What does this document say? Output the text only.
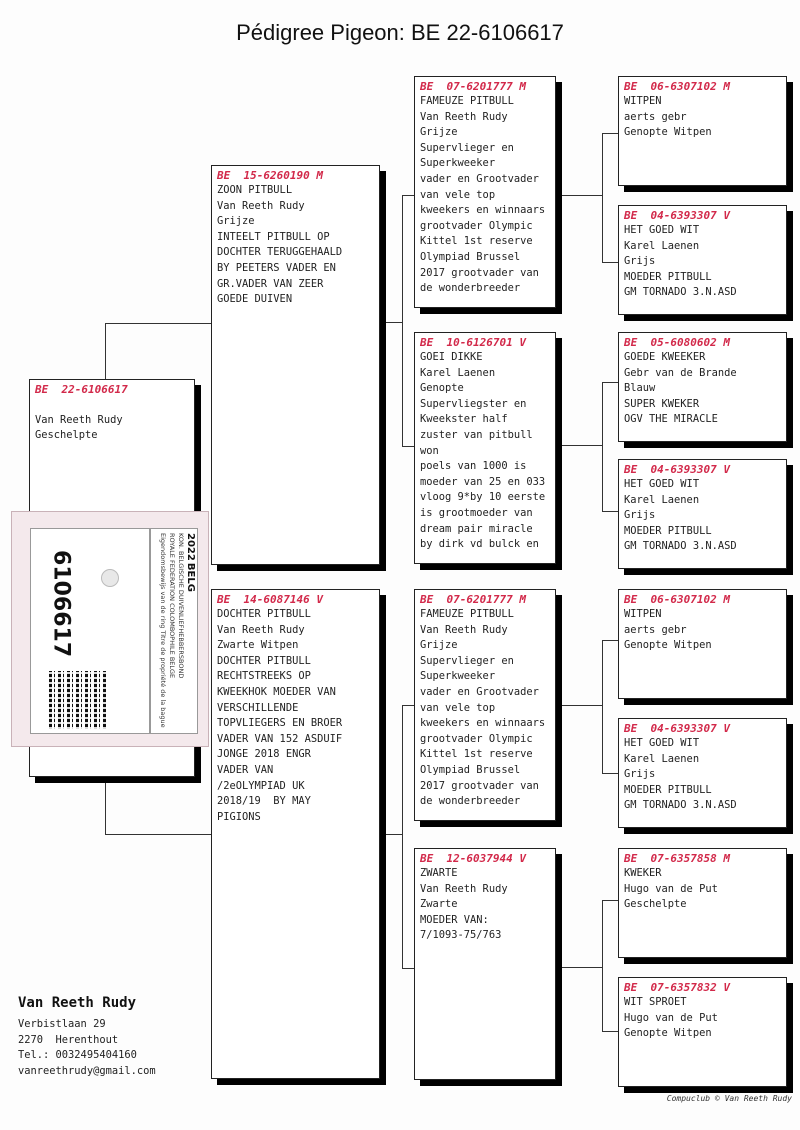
Pédigree Pigeon: BE 22-6106617
BE  22-6106617

Van Reeth Rudy
Geschelpte
BE  15-6260190 M
ZOON PITBULL
Van Reeth Rudy
Grijze
INTEELT PITBULL OP
DOCHTER TERUGGEHAALD
BY PEETERS VADER EN
GR.VADER VAN ZEER
GOEDE DUIVEN
BE  14-6087146 V
DOCHTER PITBULL
Van Reeth Rudy
Zwarte Witpen
DOCHTER PITBULL
RECHTSTREEKS OP
KWEEKHOK MOEDER VAN
VERSCHILLENDE
TOPVLIEGERS EN BROER
VADER VAN 152 ASDUIF
JONGE 2018 ENGR
VADER VAN
/2eOLYMPIAD UK
2018/19  BY MAY
PIGIONS
BE  07-6201777 M
FAMEUZE PITBULL
Van Reeth Rudy
Grijze
Supervlieger en
Superkweeker
vader en Grootvader
van vele top
kweekers en winnaars
grootvader Olympic
Kittel 1st reserve
Olympiad Brussel
2017 grootvader van
de wonderbreeder
BE  10-6126701 V
GOEI DIKKE
Karel Laenen
Genopte
Supervliegster en
Kweekster half
zuster van pitbull
won
poels van 1000 is
moeder van 25 en 033
vloog 9*by 10 eerste
is grootmoeder van
dream pair miracle
by dirk vd bulck en
BE  07-6201777 M
FAMEUZE PITBULL
Van Reeth Rudy
Grijze
Supervlieger en
Superkweeker
vader en Grootvader
van vele top
kweekers en winnaars
grootvader Olympic
Kittel 1st reserve
Olympiad Brussel
2017 grootvader van
de wonderbreeder
BE  12-6037944 V
ZWARTE
Van Reeth Rudy
Zwarte
MOEDER VAN:
7/1093-75/763
BE  06-6307102 M
WITPEN
aerts gebr
Genopte Witpen
BE  04-6393307 V
HET GOED WIT
Karel Laenen
Grijs
MOEDER PITBULL
GM TORNADO 3.N.ASD
BE  05-6080602 M
GOEDE KWEEKER
Gebr van de Brande
Blauw
SUPER KWEKER
OGV THE MIRACLE
BE  04-6393307 V
HET GOED WIT
Karel Laenen
Grijs
MOEDER PITBULL
GM TORNADO 3.N.ASD
BE  06-6307102 M
WITPEN
aerts gebr
Genopte Witpen
BE  04-6393307 V
HET GOED WIT
Karel Laenen
Grijs
MOEDER PITBULL
GM TORNADO 3.N.ASD
BE  07-6357858 M
KWEKER
Hugo van de Put
Geschelpte
BE  07-6357832 V
WIT SPROET
Hugo van de Put
Genopte Witpen
6106617
2022 BELG
KON. BELGISCHE DUIVENLIEFHEBBERSBOND
ROYALE FEDERATION COLOMBOPHILE BELGE
Eigendomsbewijs van de ring Titre de propriété de la bague
Van Reeth Rudy
Verbistlaan 29
2270  Herenthout
Tel.: 0032495404160
vanreethrudy@gmail.com
Compuclub © Van Reeth Rudy
